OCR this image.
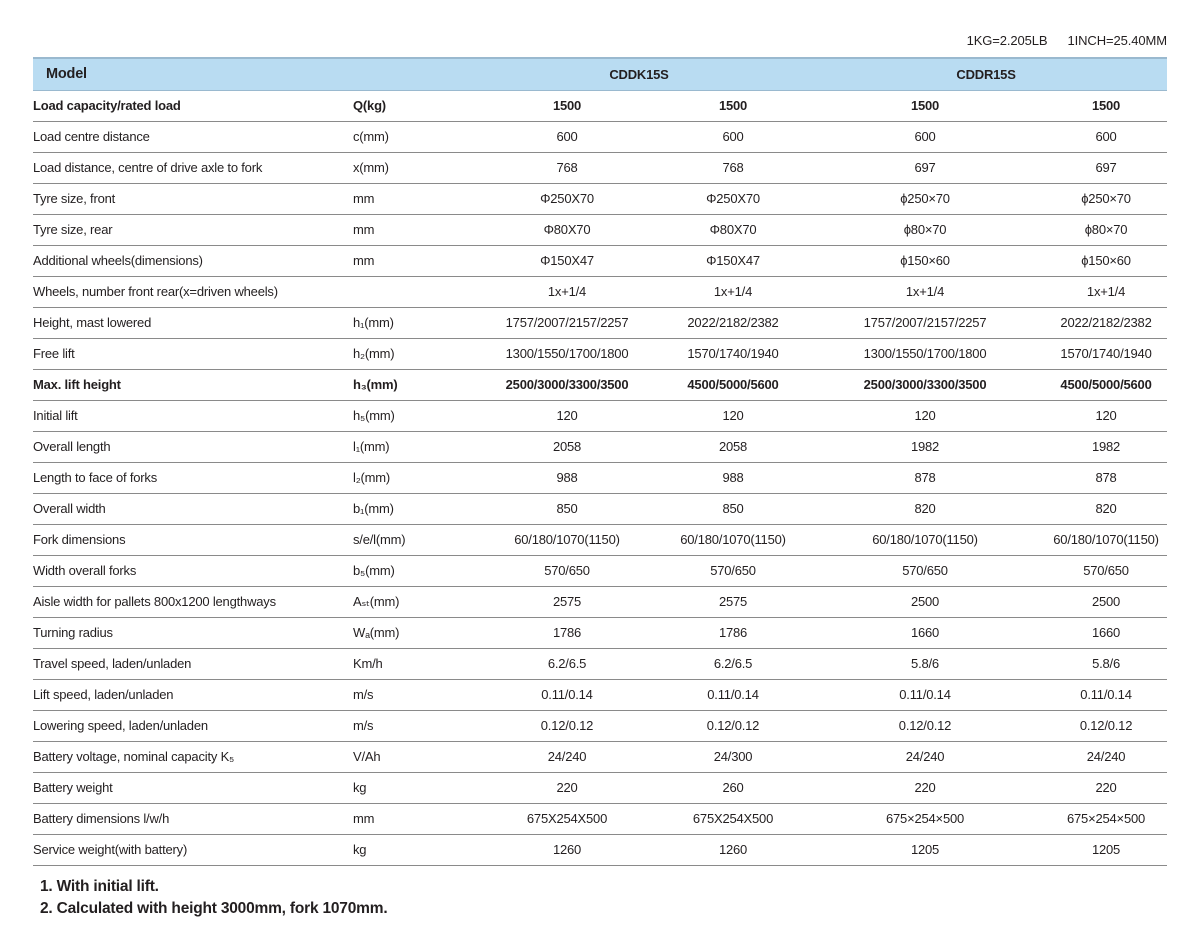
1KG=2.205LB 1INCH=25.40MM
Model		CDDK15S		CDDR15S	
Load capacity/rated load	Q(kg)	1500	1500	1500	1500
Load centre distance	c(mm)	600	600	600	600
Load distance, centre of drive axle to fork	x(mm)	768	768	697	697
Tyre size, front	mm	Φ250X70	Φ250X70	ϕ250×70	ϕ250×70
Tyre size, rear	mm	Φ80X70	Φ80X70	ϕ80×70	ϕ80×70
Additional wheels(dimensions)	mm	Φ150X47	Φ150X47	ϕ150×60	ϕ150×60
Wheels, number front rear(x=driven wheels)		1x+1/4	1x+1/4	1x+1/4	1x+1/4
Height, mast lowered	h₁(mm)	1757/2007/2157/2257	2022/2182/2382	1757/2007/2157/2257	2022/2182/2382
Free lift	h₂(mm)	1300/1550/1700/1800	1570/1740/1940	1300/1550/1700/1800	1570/1740/1940
Max. lift height	h₃(mm)	2500/3000/3300/3500	4500/5000/5600	2500/3000/3300/3500	4500/5000/5600
Initial lift	h₅(mm)	120	120	120	120
Overall length	l₁(mm)	2058	2058	1982	1982
Length to face of forks	l₂(mm)	988	988	878	878
Overall width	b₁(mm)	850	850	820	820
Fork dimensions	s/e/l(mm)	60/180/1070(1150)	60/180/1070(1150)	60/180/1070(1150)	60/180/1070(1150)
Width overall forks	b₅(mm)	570/650	570/650	570/650	570/650
Aisle width for pallets 800x1200 lengthways	Aₛₜ(mm)	2575	2575	2500	2500
Turning radius	Wₐ(mm)	1786	1786	1660	1660
Travel speed, laden/unladen	Km/h	6.2/6.5	6.2/6.5	5.8/6	5.8/6
Lift speed, laden/unladen	m/s	0.11/0.14	0.11/0.14	0.11/0.14	0.11/0.14
Lowering speed, laden/unladen	m/s	0.12/0.12	0.12/0.12	0.12/0.12	0.12/0.12
Battery voltage, nominal capacity K₅	V/Ah	24/240	24/300	24/240	24/240
Battery weight	kg	220	260	220	220
Battery dimensions l/w/h	mm	675X254X500	675X254X500	675×254×500	675×254×500
Service weight(with battery)	kg	1260	1260	1205	1205
1. With initial lift.
2. Calculated with height 3000mm, fork 1070mm.
